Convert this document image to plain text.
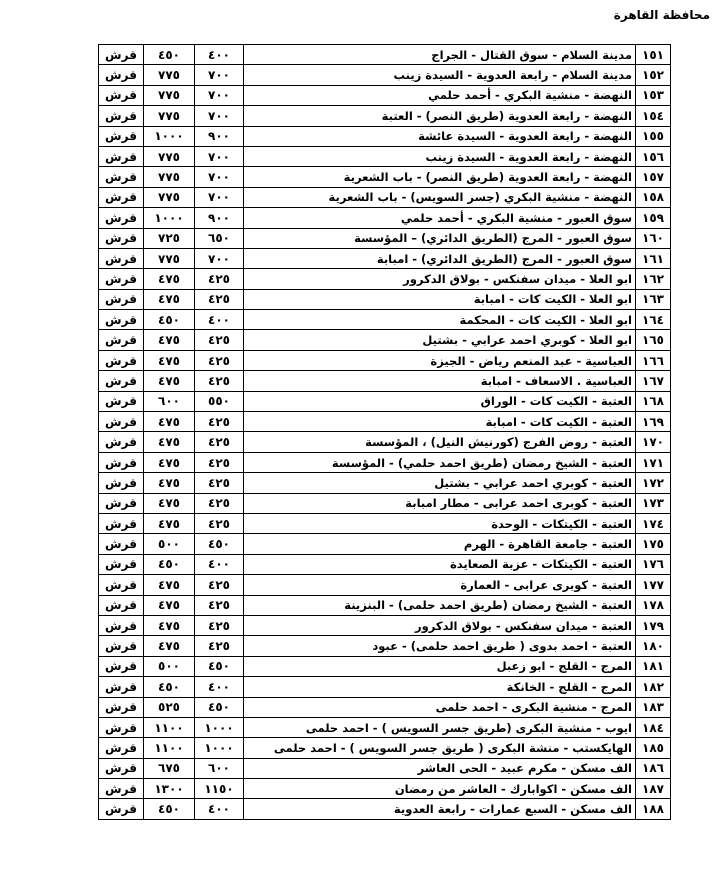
محافظة القاهرة
١٥١	مدينة السلام - سوق القتال - الجراج	٤٠٠	٤٥٠	قرش
١٥٢	مدينة السلام - رابعة العدوية - السيدة زينب	٧٠٠	٧٧٥	قرش
١٥٣	النهضة - منشية البكري - أحمد حلمي	٧٠٠	٧٧٥	قرش
١٥٤	النهضة - رابعة العدوية (طريق النصر) - العتبة	٧٠٠	٧٧٥	قرش
١٥٥	النهضة - رابعة العدوية - السيدة عائشة	٩٠٠	١٠٠٠	قرش
١٥٦	النهضة - رابعة العدوية - السيدة زينب	٧٠٠	٧٧٥	قرش
١٥٧	النهضة - رابعة العدوية (طريق النصر) - باب الشعرية	٧٠٠	٧٧٥	قرش
١٥٨	النهضة - منشية البكري (جسر السويس) - باب الشعرية	٧٠٠	٧٧٥	قرش
١٥٩	سوق العبور - منشية البكري - أحمد حلمي	٩٠٠	١٠٠٠	قرش
١٦٠	سوق العبور - المرج (الطريق الدائري) – المؤسسة	٦٥٠	٧٢٥	قرش
١٦١	سوق العبور - المرج (الطريق الدائري) - امبابة	٧٠٠	٧٧٥	قرش
١٦٢	ابو العلا - ميدان سفنكس - بولاق الدكرور	٤٢٥	٤٧٥	قرش
١٦٣	ابو العلا - الكيت كات - امبابة	٤٢٥	٤٧٥	قرش
١٦٤	ابو العلا - الكيت كات - المحكمة	٤٠٠	٤٥٠	قرش
١٦٥	ابو العلا - كوبري احمد عرابي - بشتيل	٤٢٥	٤٧٥	قرش
١٦٦	العباسية - عبد المنعم رياض - الجيزة	٤٢٥	٤٧٥	قرش
١٦٧	العباسية . الاسعاف - امبابة	٤٢٥	٤٧٥	قرش
١٦٨	العتبة - الكيت كات - الوراق	٥٥٠	٦٠٠	قرش
١٦٩	العتبة - الكيت كات - امبابة	٤٢٥	٤٧٥	قرش
١٧٠	العتبة - روض الفرج (كورنيش النيل) ، المؤسسة	٤٢٥	٤٧٥	قرش
١٧١	العتبة - الشيخ رمضان (طريق احمد حلمي) - المؤسسة	٤٢٥	٤٧٥	قرش
١٧٢	العتبة - كوبري احمد عرابي - بشتيل	٤٢٥	٤٧٥	قرش
١٧٣	العتبة - كوبرى احمد عرابى - مطار امبابة	٤٢٥	٤٧٥	قرش
١٧٤	العتبة - الكيتكات - الوحدة	٤٢٥	٤٧٥	قرش
١٧٥	العتبة - جامعة القاهرة - الهرم	٤٥٠	٥٠٠	قرش
١٧٦	العتبة - الكيتكات - عزبة الصعايدة	٤٠٠	٤٥٠	قرش
١٧٧	العتبة - كوبرى عرابى - العمارة	٤٢٥	٤٧٥	قرش
١٧٨	العتبة - الشيخ رمضان (طريق احمد حلمى) - البنزينة	٤٢٥	٤٧٥	قرش
١٧٩	العتبة - ميدان سفنكس - بولاق الدكرور	٤٢٥	٤٧٥	قرش
١٨٠	العتبة - احمد بدوى ( طريق احمد حلمى) - عبود	٤٢٥	٤٧٥	قرش
١٨١	المرج - القلج - ابو زعبل	٤٥٠	٥٠٠	قرش
١٨٢	المرج - القلج - الخانكة	٤٠٠	٤٥٠	قرش
١٨٣	المرج - منشية البكرى - احمد حلمى	٤٥٠	٥٢٥	قرش
١٨٤	ايوب - منشية البكرى (طريق جسر السويس ) - احمد حلمى	١٠٠٠	١١٠٠	قرش
١٨٥	الهايكستب - منشة البكرى ( طريق جسر السويس ) - احمد حلمى	١٠٠٠	١١٠٠	قرش
١٨٦	الف مسكن - مكرم عبيد - الحى العاشر	٦٠٠	٦٧٥	قرش
١٨٧	الف مسكن - اكوابارك - العاشر من رمضان	١١٥٠	١٣٠٠	قرش
١٨٨	الف مسكن - السبع عمارات - رابعة العدوية	٤٠٠	٤٥٠	قرش
